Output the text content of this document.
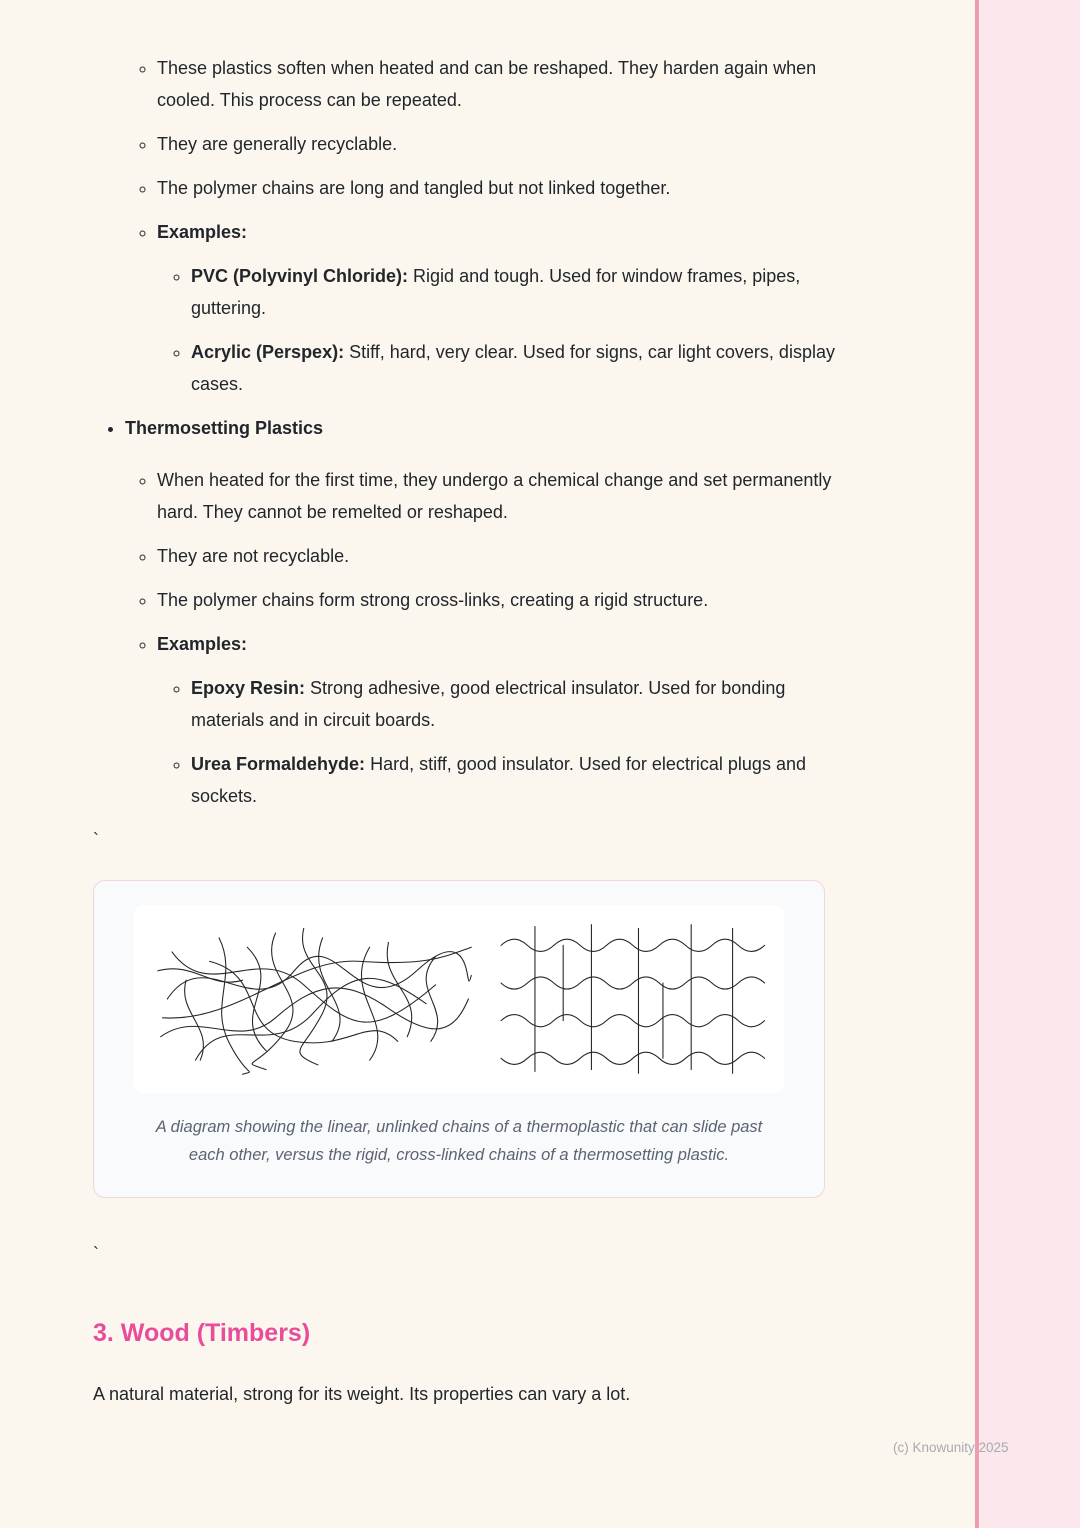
◦ These plastics soften when heated and can be reshaped. They harden again when cooled. This process can be repeated.
◦ They are generally recyclable.
◦ The polymer chains are long and tangled but not linked together.
◦ Examples:
◦ PVC (Polyvinyl Chloride): Rigid and tough. Used for window frames, pipes, guttering.
◦ Acrylic (Perspex): Stiff, hard, very clear. Used for signs, car light covers, display cases.
• Thermosetting Plastics
◦ When heated for the first time, they undergo a chemical change and set permanently hard. They cannot be remelted or reshaped.
◦ They are not recyclable.
◦ The polymer chains form strong cross-links, creating a rigid structure.
◦ Examples:
◦ Epoxy Resin: Strong adhesive, good electrical insulator. Used for bonding materials and in circuit boards.
◦ Urea Formaldehyde: Hard, stiff, good insulator. Used for electrical plugs and sockets.
`
A diagram showing the linear, unlinked chains of a thermoplastic that can slide past each other, versus the rigid, cross-linked chains of a thermosetting plastic.
`
3. Wood (Timbers)

A natural material, strong for its weight. Its properties can vary a lot.

(c) Knowunity 2025
